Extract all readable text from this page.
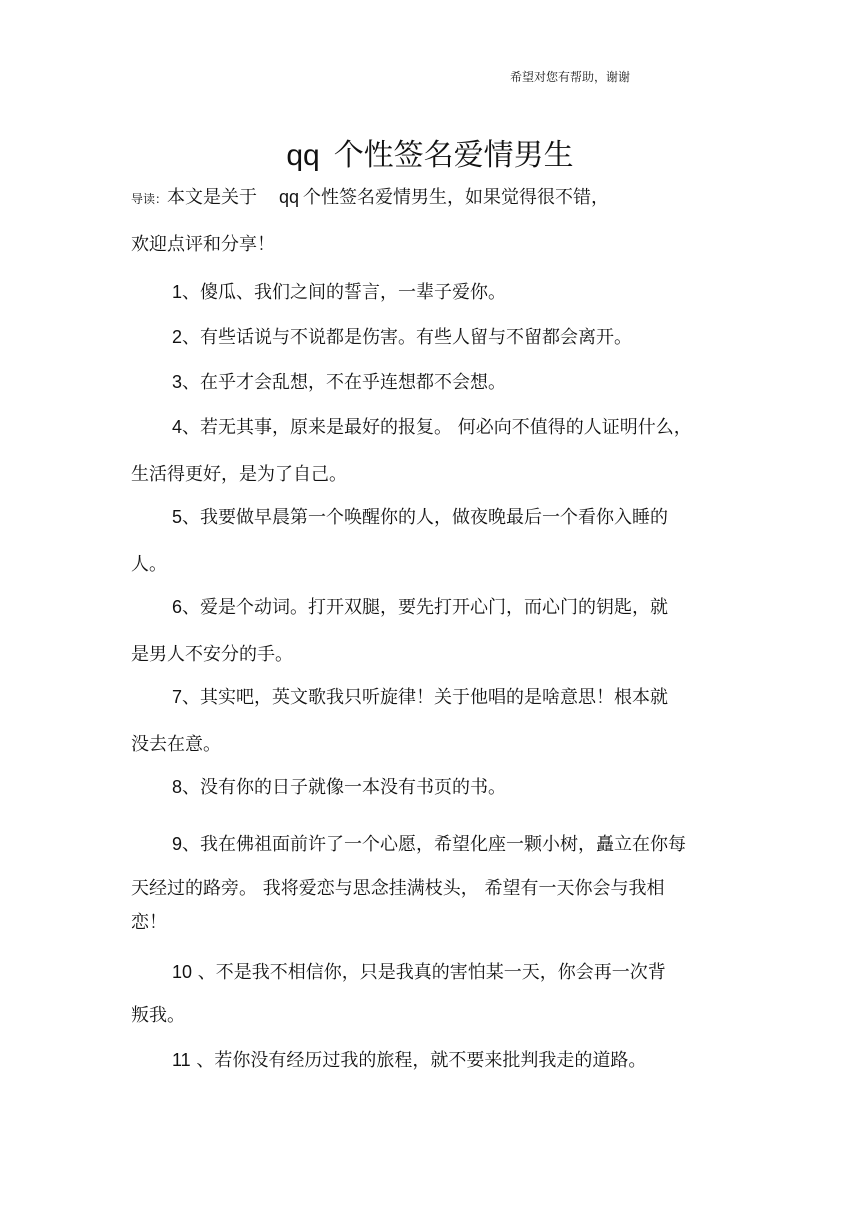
希望对您有帮助，谢谢
qq 个性签名爱情男生
导读：本文是关于 qq 个性签名爱情男生，如果觉得很不错，
欢迎点评和分享！
1、傻瓜、我们之间的誓言，一辈子爱你。
2、有些话说与不说都是伤害。有些人留与不留都会离开。
3、在乎才会乱想，不在乎连想都不会想。
4、若无其事，原来是最好的报复。 何必向不值得的人证明什么，
生活得更好，是为了自己。
5、我要做早晨第一个唤醒你的人，做夜晚最后一个看你入睡的
人。
6、爱是个动词。打开双腿，要先打开心门，而心门的钥匙，就
是男人不安分的手。
7、其实吧，英文歌我只听旋律！关于他唱的是啥意思！根本就
没去在意。
8、没有你的日子就像一本没有书页的书。
9、我在佛祖面前许了一个心愿，希望化座一颗小树，矗立在你每
天经过的路旁。 我将爱恋与思念挂满枝头， 希望有一天你会与我相
恋！
10 、不是我不相信你，只是我真的害怕某一天，你会再一次背
叛我。
11 、若你没有经历过我的旅程，就不要来批判我走的道路。
